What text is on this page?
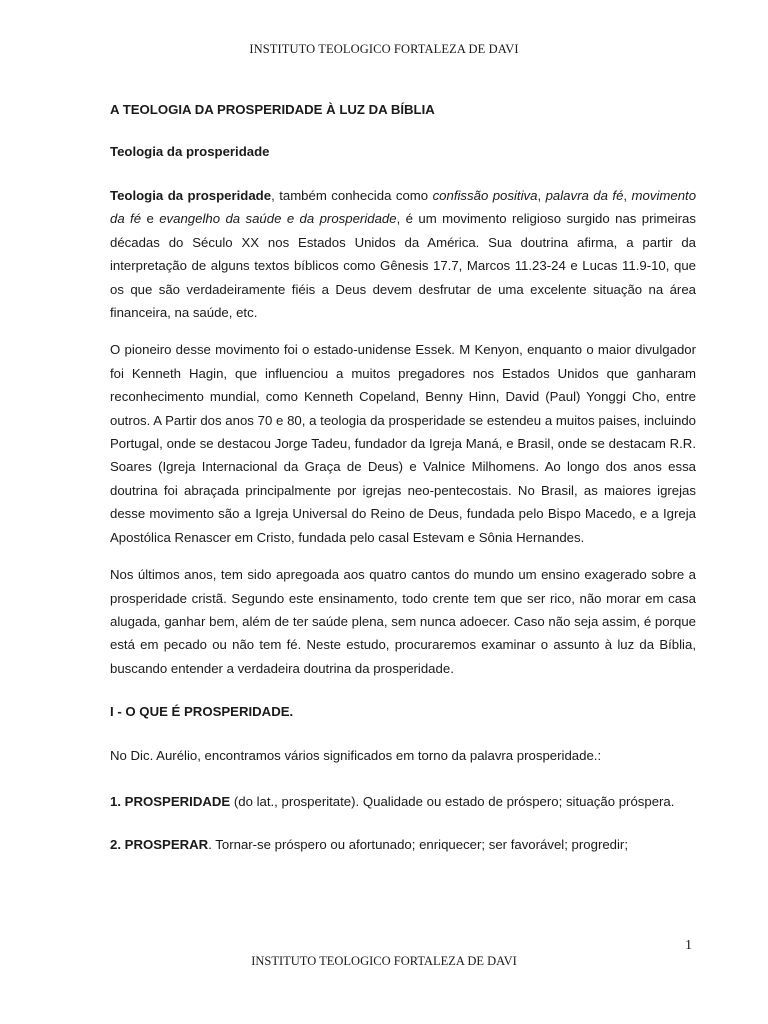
INSTITUTO TEOLOGICO FORTALEZA DE DAVI
A TEOLOGIA DA PROSPERIDADE À LUZ DA BÍBLIA
Teologia da prosperidade

Teologia da prosperidade, também conhecida como confissão positiva, palavra da fé, movimento da fé e evangelho da saúde e da prosperidade, é um movimento religioso surgido nas primeiras décadas do Século XX nos Estados Unidos da América. Sua doutrina afirma, a partir da interpretação de alguns textos bíblicos como Gênesis 17.7, Marcos 11.23-24 e Lucas 11.9-10, que os que são verdadeiramente fiéis a Deus devem desfrutar de uma excelente situação na área financeira, na saúde, etc.

O pioneiro desse movimento foi o estado-unidense Essek. M Kenyon, enquanto o maior divulgador foi Kenneth Hagin, que influenciou a muitos pregadores nos Estados Unidos que ganharam reconhecimento mundial, como Kenneth Copeland, Benny Hinn, David (Paul) Yonggi Cho, entre outros. A Partir dos anos 70 e 80, a teologia da prosperidade se estendeu a muitos paises, incluindo Portugal, onde se destacou Jorge Tadeu, fundador da Igreja Maná, e Brasil, onde se destacam R.R. Soares (Igreja Internacional da Graça de Deus) e Valnice Milhomens. Ao longo dos anos essa doutrina foi abraçada principalmente por igrejas neo-pentecostais. No Brasil, as maiores igrejas desse movimento são a Igreja Universal do Reino de Deus, fundada pelo Bispo Macedo, e a Igreja Apostólica Renascer em Cristo, fundada pelo casal Estevam e Sônia Hernandes.

Nos últimos anos, tem sido apregoada aos quatro cantos do mundo um ensino exagerado sobre a prosperidade cristã. Segundo este ensinamento, todo crente tem que ser rico, não morar em casa alugada, ganhar bem, além de ter saúde plena, sem nunca adoecer. Caso não seja assim, é porque está em pecado ou não tem fé. Neste estudo, procuraremos examinar o assunto à luz da Bíblia, buscando entender a verdadeira doutrina da prosperidade.

I - O QUE É PROSPERIDADE.

No Dic. Aurélio, encontramos vários significados em torno da palavra prosperidade.:

1. PROSPERIDADE (do lat., prosperitate). Qualidade ou estado de próspero; situação próspera.

2. PROSPERAR. Tornar-se próspero ou afortunado; enriquecer; ser favorável; progredir;

1
INSTITUTO TEOLOGICO FORTALEZA DE DAVI
